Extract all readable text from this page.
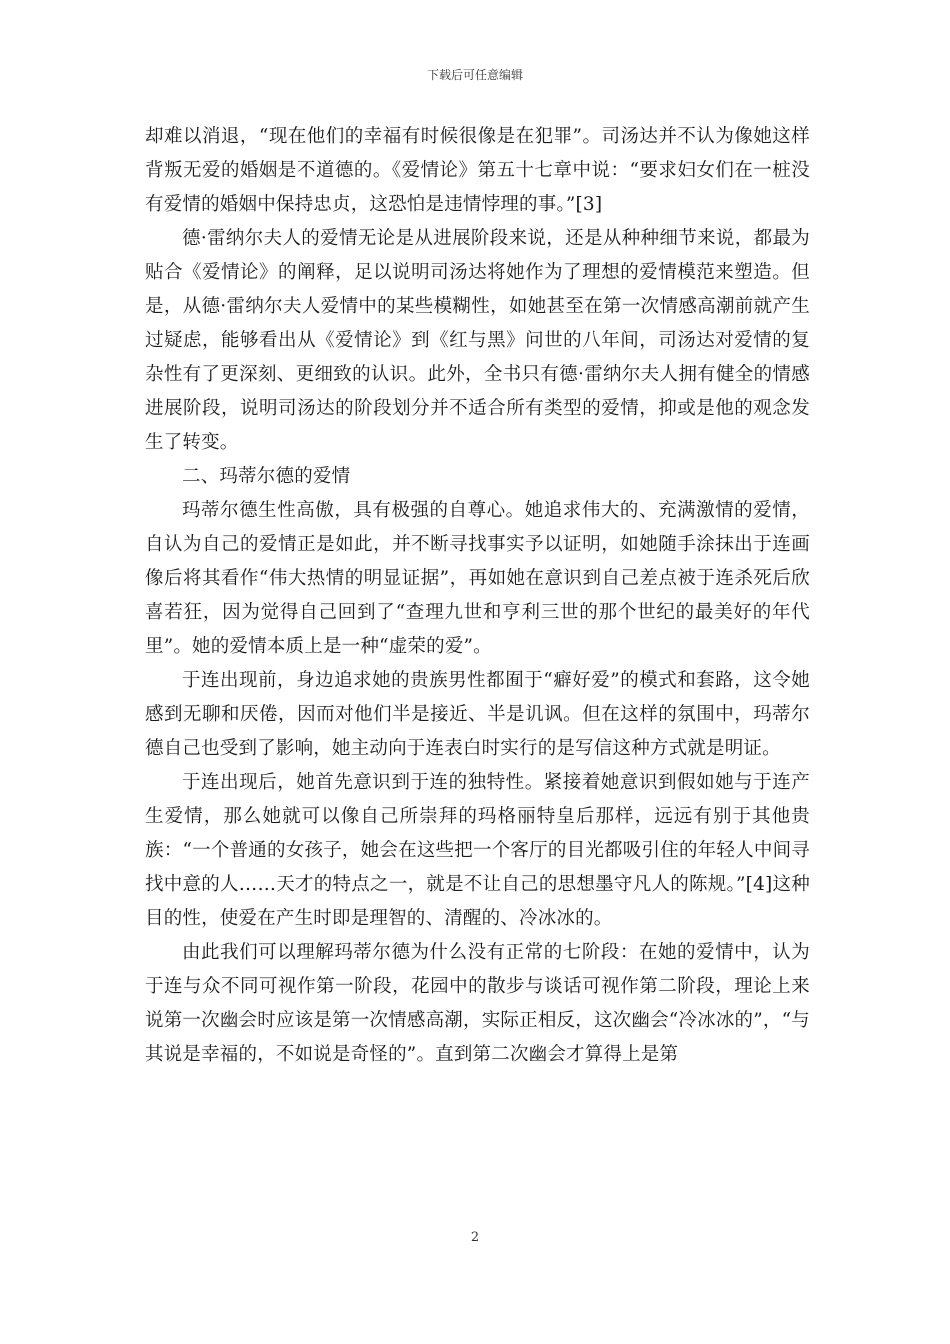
下载后可任意编辑

却难以消退，“现在他们的幸福有时候很像是在犯罪”。司汤达并不认为像她这样背叛无爱的婚姻是不道德的。《爱情论》第五十七章中说：“要求妇女们在一桩没有爱情的婚姻中保持忠贞，这恐怕是违情悖理的事。”[3]

德·雷纳尔夫人的爱情无论是从进展阶段来说，还是从种种细节来说，都最为贴合《爱情论》的阐释，足以说明司汤达将她作为了理想的爱情模范来塑造。但是，从德·雷纳尔夫人爱情中的某些模糊性，如她甚至在第一次情感高潮前就产生过疑虑，能够看出从《爱情论》到《红与黑》问世的八年间，司汤达对爱情的复杂性有了更深刻、更细致的认识。此外，全书只有德·雷纳尔夫人拥有健全的情感进展阶段，说明司汤达的阶段划分并不适合所有类型的爱情，抑或是他的观念发生了转变。

二、玛蒂尔德的爱情

玛蒂尔德生性高傲，具有极强的自尊心。她追求伟大的、充满激情的爱情，自认为自己的爱情正是如此，并不断寻找事实予以证明，如她随手涂抹出于连画像后将其看作“伟大热情的明显证据”，再如她在意识到自己差点被于连杀死后欣喜若狂，因为觉得自己回到了“查理九世和亨利三世的那个世纪的最美好的年代里”。她的爱情本质上是一种“虚荣的爱”。

于连出现前，身边追求她的贵族男性都囿于“癖好爱”的模式和套路，这令她感到无聊和厌倦，因而对他们半是接近、半是讥讽。但在这样的氛围中，玛蒂尔德自己也受到了影响，她主动向于连表白时实行的是写信这种方式就是明证。

于连出现后，她首先意识到于连的独特性。紧接着她意识到假如她与于连产生爱情，那么她就可以像自己所崇拜的玛格丽特皇后那样，远远有别于其他贵族：“一个普通的女孩子，她会在这些把一个客厅的目光都吸引住的年轻人中间寻找中意的人……天才的特点之一，就是不让自己的思想墨守凡人的陈规。”[4]这种目的性，使爱在产生时即是理智的、清醒的、冷冰冰的。

由此我们可以理解玛蒂尔德为什么没有正常的七阶段：在她的爱情中，认为于连与众不同可视作第一阶段，花园中的散步与谈话可视作第二阶段，理论上来说第一次幽会时应该是第一次情感高潮，实际正相反，这次幽会“冷冰冰的”，“与其说是幸福的，不如说是奇怪的”。直到第二次幽会才算得上是第

2
